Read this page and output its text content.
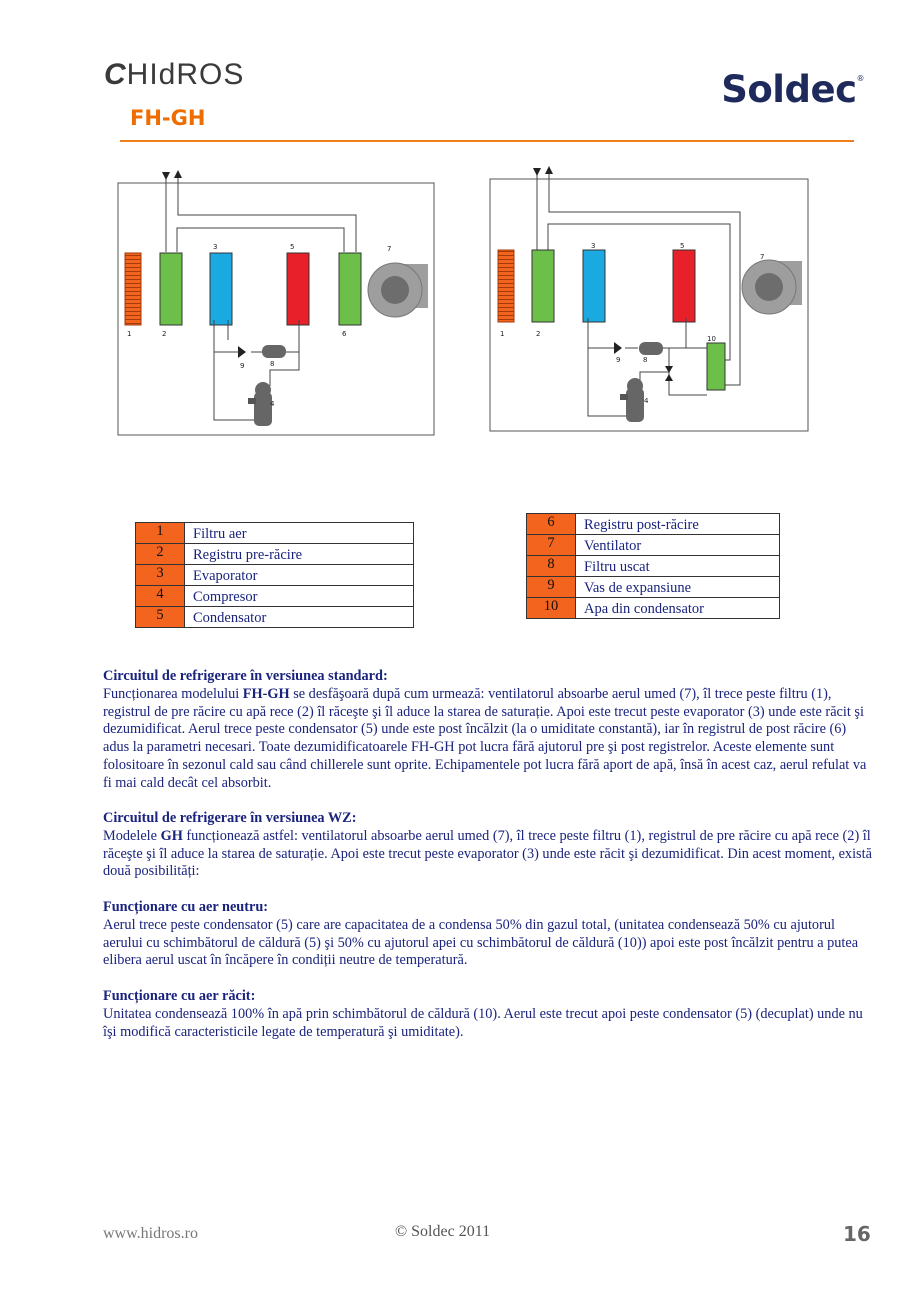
CHIdROS
FH-GH
Soldec®
1	2
3
4
5
6
7
8
9
1	2
3
4
5
7
8
9
10
1	Filtru aer
2	Registru pre-răcire
3	Evaporator
4	Compresor
5	Condensator
6	Registru post-răcire
7	Ventilator
8	Filtru uscat
9	Vas de expansiune
10	Apa din condensator

Circuitul de refrigerare în versiunea standard:

Funcționarea modelului FH-GH se desfăşoară după cum urmează: ventilatorul absoarbe aerul umed (7), îl trece peste filtru (1), registrul de pre răcire cu apă rece (2) îl răceşte şi îl aduce la starea de saturație. Apoi este trecut peste evaporator (3) unde este răcit şi dezumidificat. Aerul trece peste condensator (5) unde este post încălzit (la o umiditate constantă), iar în registrul de post răcire (6) adus la parametri necesari. Toate dezumidificatoarele FH-GH pot lucra fără ajutorul pre şi post registrelor. Aceste elemente sunt folositoare în sezonul cald sau când chillerele sunt oprite. Echipamentele pot lucra fără aport de apă, însă în acest caz, aerul refulat va fi mai cald decât cel absorbit.

Circuitul de refrigerare în versiunea WZ:

Modelele GH funcționează astfel: ventilatorul absoarbe aerul umed (7), îl trece peste filtru (1), registrul de pre răcire cu apă rece (2) îl răceşte şi îl aduce la starea de saturație. Apoi este trecut peste evaporator (3) unde este răcit şi dezumidificat. Din acest moment, există două posibilități:

Funcționare cu aer neutru:

Aerul trece peste condensator (5) care are capacitatea de a condensa 50% din gazul total, (unitatea condensează 50% cu ajutorul aerului cu schimbătorul de căldură (5) şi 50% cu ajutorul apei cu schimbătorul de căldură (10)) apoi este post încălzit pentru a putea elibera aerul uscat în încăpere în condiții neutre de temperatură.

Funcționare cu aer răcit:

Unitatea condensează 100% în apă prin schimbătorul de căldură (10). Aerul este trecut apoi peste condensator (5) (decuplat) unde nu îşi modifică caracteristicile legate de temperatură şi umiditate).

www.hidros.ro	© Soldec 2011	16
